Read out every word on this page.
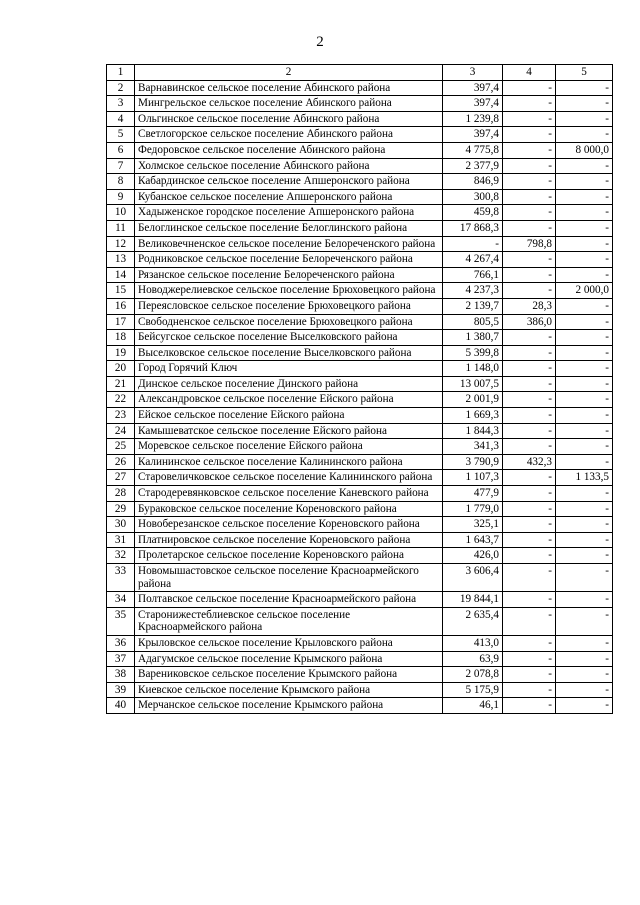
2
1	2	3	4	5
2	Варнавинское сельское поселение Абинского района	397,4	-	-
3	Мингрельское сельское поселение Абинского района	397,4	-	-
4	Ольгинское сельское поселение Абинского района	1 239,8	-	-
5	Светлогорское сельское поселение Абинского района	397,4	-	-
6	Федоровское сельское поселение Абинского района	4 775,8	-	8 000,0
7	Холмское сельское поселение Абинского района	2 377,9	-	-
8	Кабардинское сельское поселение Апшеронского района	846,9	-	-
9	Кубанское сельское поселение Апшеронского района	300,8	-	-
10	Хадыженское городское поселение Апшеронского района	459,8	-	-
11	Белоглинское сельское поселение Белоглинского района	17 868,3	-	-
12	Великовечненское сельское поселение Белореченского района	-	798,8	-
13	Родниковское сельское поселение Белореченского района	4 267,4	-	-
14	Рязанское сельское поселение Белореченского района	766,1	-	-
15	Новоджерелиевское сельское поселение Брюховецкого района	4 237,3	-	2 000,0
16	Переясловское сельское поселение Брюховецкого района	2 139,7	28,3	-
17	Свободненское сельское поселение Брюховецкого района	805,5	386,0	-
18	Бейсугское сельское поселение Выселковского района	1 380,7	-	-
19	Выселковское сельское поселение Выселковского района	5 399,8	-	-
20	Город Горячий Ключ	1 148,0	-	-
21	Динское сельское поселение Динского района	13 007,5	-	-
22	Александровское сельское поселение Ейского района	2 001,9	-	-
23	Ейское сельское поселение Ейского района	1 669,3	-	-
24	Камышеватское сельское поселение Ейского района	1 844,3	-	-
25	Моревское сельское поселение Ейского района	341,3	-	-
26	Калининское сельское поселение Калининского района	3 790,9	432,3	-
27	Старовеличковское сельское поселение Калининского района	1 107,3	-	1 133,5
28	Стародеревянковское сельское поселение Каневского района	477,9	-	-
29	Бураковское сельское поселение Кореновского района	1 779,0	-	-
30	Новоберезанское сельское поселение Кореновского района	325,1	-	-
31	Платнировское сельское поселение Кореновского района	1 643,7	-	-
32	Пролетарское сельское поселение Кореновского района	426,0	-	-
33	Новомышастовское сельское поселение Красноармейского района	3 606,4	-	-
34	Полтавское сельское поселение Красноармейского района	19 844,1	-	-
35	Старонижестеблиевское сельское поселение Красноармейского района	2 635,4	-	-
36	Крыловское сельское поселение Крыловского района	413,0	-	-
37	Адагумское сельское поселение Крымского района	63,9	-	-
38	Варениковское сельское поселение Крымского района	2 078,8	-	-
39	Киевское сельское поселение Крымского района	5 175,9	-	-
40	Мерчанское сельское поселение Крымского района	46,1	-	-
